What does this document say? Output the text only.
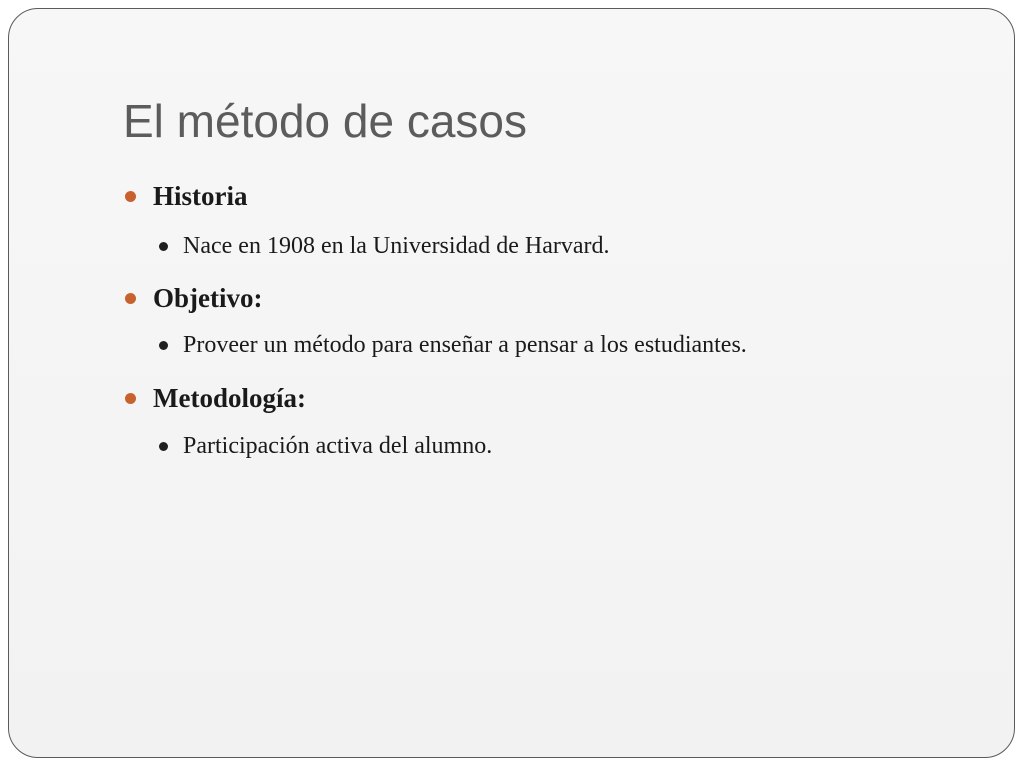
El método de casos
Historia
Nace en 1908 en la Universidad de Harvard.
Objetivo:
Proveer un método para enseñar a pensar a los estudiantes.
Metodología:
Participación activa del alumno.
